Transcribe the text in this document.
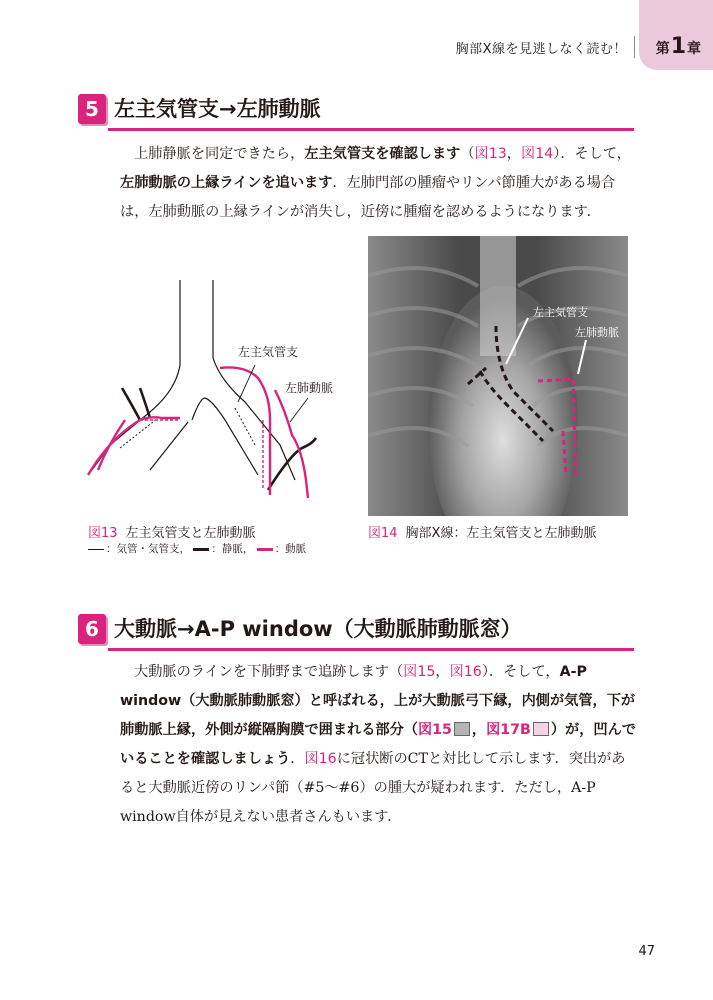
胸部X線を見逃しなく読む！ 第1章
5 左主気管支→左肺動脈

上肺静脈を同定できたら，左主気管支を確認します（図13，図14）．そして，左肺動脈の上縁ラインを追います．左肺門部の腫瘤やリンパ節腫大がある場合は，左肺動脈の上縁ラインが消失し，近傍に腫瘤を認めるようになります．

左主気管支
左肺動脈
左主気管支
左肺動脈
図13 左主気管支と左肺動脈
：気管・気管支， ：静脈， ：動脈
図14 胸部X線：左主気管支と左肺動脈
6 大動脈→A-P window（大動脈肺動脈窓）

大動脈のラインを下肺野まで追跡します（図15，図16）．そして，A-P window（大動脈肺動脈窓）と呼ばれる，上が大動脈弓下縁，内側が気管，下が肺動脈上縁，外側が縦隔胸膜で囲まれる部分（図15 ，図17B ）が，凹んでいることを確認しましょう．図16に冠状断のCTと対比して示します．突出があると大動脈近傍のリンパ節（#5～#6）の腫大が疑われます．ただし，A-P window自体が見えない患者さんもいます．

47
